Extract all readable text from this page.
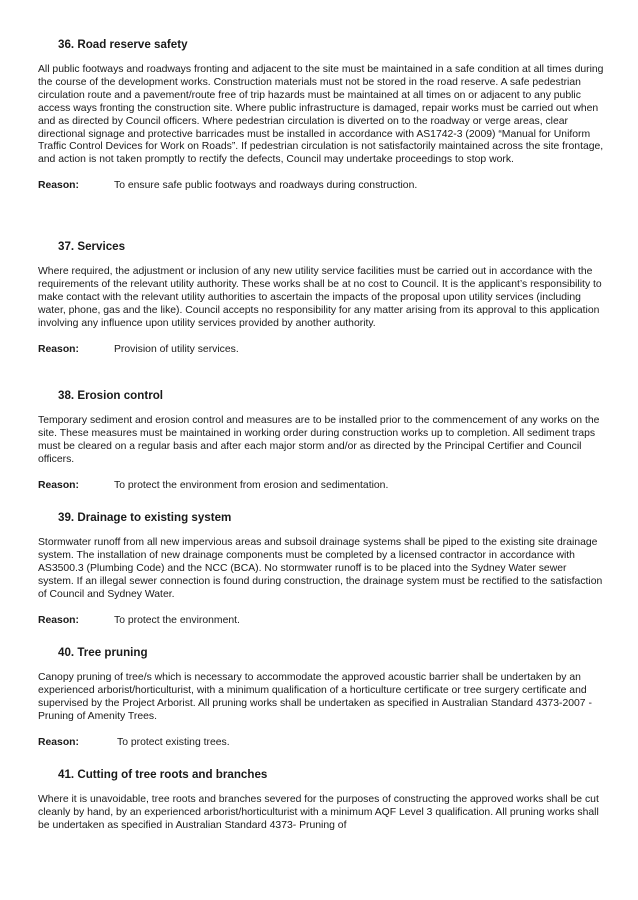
36. Road reserve safety
All public footways and roadways fronting and adjacent to the site must be maintained in a safe condition at all times during the course of the development works. Construction materials must not be stored in the road reserve. A safe pedestrian circulation route and a pavement/route free of trip hazards must be maintained at all times on or adjacent to any public access ways fronting the construction site. Where public infrastructure is damaged, repair works must be carried out when and as directed by Council officers. Where pedestrian circulation is diverted on to the roadway or verge areas, clear directional signage and protective barricades must be installed in accordance with AS1742-3 (2009) “Manual for Uniform Traffic Control Devices for Work on Roads”. If pedestrian circulation is not satisfactorily maintained across the site frontage, and action is not taken promptly to rectify the defects, Council may undertake proceedings to stop work.
Reason:	To ensure safe public footways and roadways during construction.
37. Services
Where required, the adjustment or inclusion of any new utility service facilities must be carried out in accordance with the requirements of the relevant utility authority. These works shall be at no cost to Council. It is the applicant’s responsibility to make contact with the relevant utility authorities to ascertain the impacts of the proposal upon utility services (including water, phone, gas and the like). Council accepts no responsibility for any matter arising from its approval to this application involving any influence upon utility services provided by another authority.
Reason:	Provision of utility services.
38. Erosion control
Temporary sediment and erosion control and measures are to be installed prior to the commencement of any works on the site. These measures must be maintained in working order during construction works up to completion. All sediment traps must be cleared on a regular basis and after each major storm and/or as directed by the Principal Certifier and Council officers.
Reason:	To protect the environment from erosion and sedimentation.
39. Drainage to existing system
Stormwater runoff from all new impervious areas and subsoil drainage systems shall be piped to the existing site drainage system. The installation of new drainage components must be completed by a licensed contractor in accordance with AS3500.3 (Plumbing Code) and the NCC (BCA). No stormwater runoff is to be placed into the Sydney Water sewer system. If an illegal sewer connection is found during construction, the drainage system must be rectified to the satisfaction of Council and Sydney Water.
Reason:	To protect the environment.
40. Tree pruning
Canopy pruning of tree/s which is necessary to accommodate the approved acoustic barrier shall be undertaken by an experienced arborist/horticulturist, with a minimum qualification of a horticulture certificate or tree surgery certificate and supervised by the Project Arborist. All pruning works shall be undertaken as specified in Australian Standard 4373-2007 - Pruning of Amenity Trees.
Reason:	To protect existing trees.
41. Cutting of tree roots and branches
Where it is unavoidable, tree roots and branches severed for the purposes of constructing the approved works shall be cut cleanly by hand, by an experienced arborist/horticulturist with a minimum AQF Level 3 qualification. All pruning works shall be undertaken as specified in Australian Standard 4373- Pruning of
